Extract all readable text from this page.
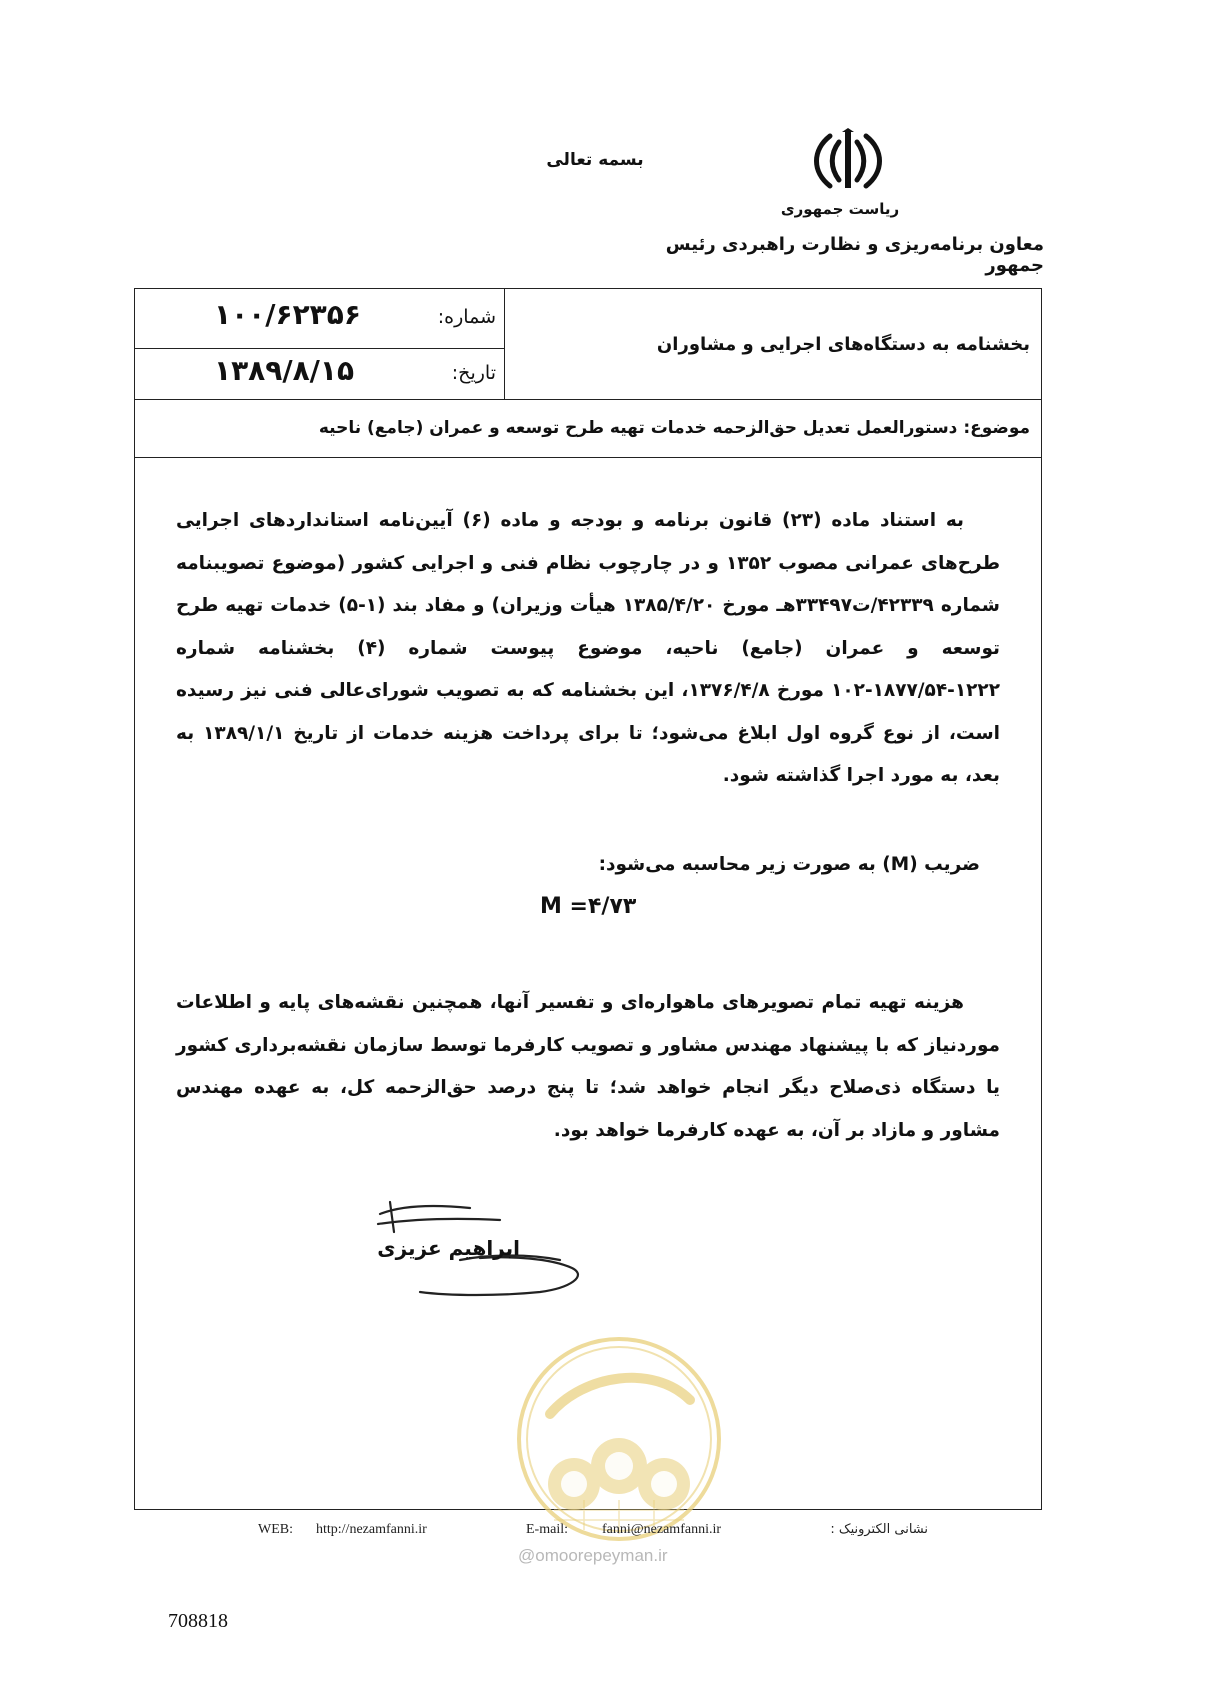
بسمه تعالی
ریاست جمهوری
معاون برنامه‌ریزی و نظارت راهبردی رئیس جمهور
شماره:
۱۰۰/۶۲۳۵۶
تاریخ:
۱۳۸۹/۸/۱۵
بخشنامه به دستگاه‌های اجرایی و مشاوران
موضوع: دستورالعمل تعدیل حق‌الزحمه خدمات تهیه طرح توسعه و عمران (جامع) ناحیه
به استناد ماده (۲۳) قانون برنامه و بودجه و ماده (۶) آیین‌نامه استانداردهای اجرایی طرح‌های عمرانی مصوب ۱۳۵۲ و در چارچوب نظام فنی و اجرایی کشور (موضوع تصویبنامه شماره ۴۲۳۳۹/ت۳۳۴۹۷هـ مورخ ۱۳۸۵/۴/۲۰ هیأت وزیران) و مفاد بند (۱-۵) خدمات تهیه طرح توسعه و عمران (جامع) ناحیه، موضوع پیوست شماره (۴) بخشنامه شماره ۱۲۲۲-۱۸۷۷/۵۴-۱۰۲ مورخ ۱۳۷۶/۴/۸، این بخشنامه که به تصویب شورای‌عالی فنی نیز رسیده است، از نوع گروه اول ابلاغ می‌شود؛ تا برای پرداخت هزینه خدمات از تاریخ ۱۳۸۹/۱/۱ به بعد، به مورد اجرا گذاشته شود.
ضریب (M) به صورت زیر محاسبه می‌شود:
M =۴/۷۳
هزینه تهیه تمام تصویرهای ماهواره‌ای و تفسیر آنها، همچنین نقشه‌های پایه و اطلاعات موردنیاز که با پیشنهاد مهندس مشاور و تصویب کارفرما توسط سازمان نقشه‌برداری کشور یا دستگاه ذی‌صلاح دیگر انجام خواهد شد؛ تا پنج درصد حق‌الزحمه کل، به عهده مهندس مشاور و مازاد بر آن، به عهده کارفرما خواهد بود.
ابراهیم عزیزی
WEB: http://nezamfanni.ir	E-mail: fanni@nezamfanni.ir	نشانی الکترونیک :
@omoorepeyman.ir
708818
